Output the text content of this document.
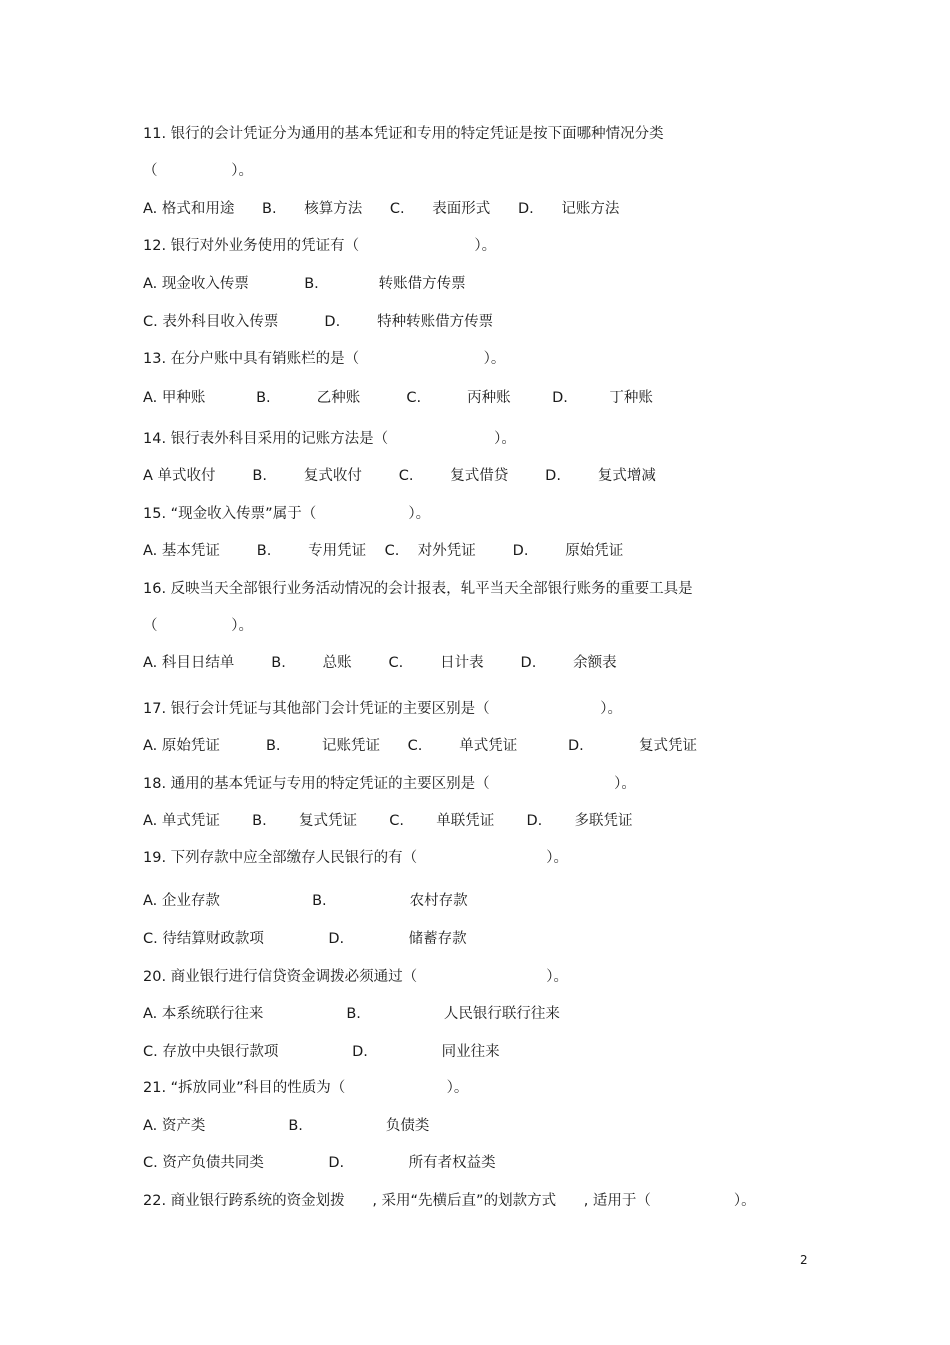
11. 银行的会计凭证分为通用的基本凭证和专用的特定凭证是按下面哪种情况分类
（                ）。
A. 格式和用途      B.      核算方法      C.      表面形式      D.      记账方法
12. 银行对外业务使用的凭证有（                         ）。
A. 现金收入传票            B.             转账借方传票
C. 表外科目收入传票          D.        特种转账借方传票
13. 在分户账中具有销账栏的是（                           ）。
A. 甲种账           B.          乙种账          C.          丙种账         D.         丁种账
14. 银行表外科目采用的记账方法是（                       ）。
A 单式收付        B.        复式收付        C.        复式借贷        D.        复式增减
15. “现金收入传票”属于（                    ）。
A. 基本凭证        B.        专用凭证    C.    对外凭证        D.        原始凭证
16. 反映当天全部银行业务活动情况的会计报表，轧平当天全部银行账务的重要工具是
（                ）。
A. 科目日结单        B.        总账        C.        日计表        D.        余额表
17. 银行会计凭证与其他部门会计凭证的主要区别是（                        ）。
A. 原始凭证          B.         记账凭证      C.        单式凭证           D.            复式凭证
18. 通用的基本凭证与专用的特定凭证的主要区别是（                           ）。
A. 单式凭证       B.       复式凭证       C.       单联凭证       D.       多联凭证
19. 下列存款中应全部缴存人民银行的有（                            ）。
A. 企业存款                    B.                  农村存款
C. 待结算财政款项              D.              储蓄存款
20. 商业银行进行信贷资金调拨必须通过（                            ）。
A. 本系统联行往来                  B.                  人民银行联行往来
C. 存放中央银行款项                D.                同业往来
21. “拆放同业”科目的性质为（                      ）。
A. 资产类                  B.                  负债类
C. 资产负债共同类              D.              所有者权益类
22. 商业银行跨系统的资金划拨      , 采用“先横后直”的划款方式      , 适用于（                  ）。
2
